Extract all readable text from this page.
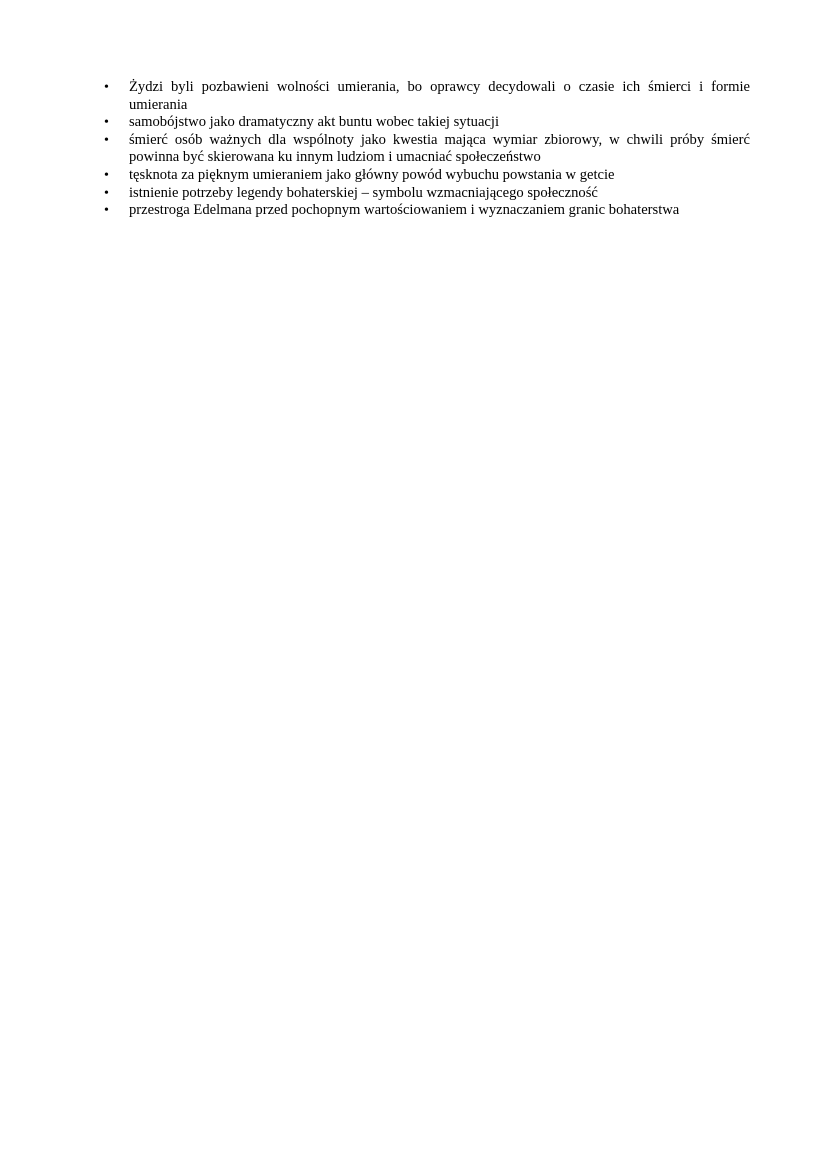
• Żydzi byli pozbawieni wolności umierania, bo oprawcy decydowali o czasie ich śmierci i formie umierania
• samobójstwo jako dramatyczny akt buntu wobec takiej sytuacji
• śmierć osób ważnych dla wspólnoty jako kwestia mająca wymiar zbiorowy, w chwili próby śmierć powinna być skierowana ku innym ludziom i umacniać społeczeństwo
• tęsknota za pięknym umieraniem jako główny powód wybuchu powstania w getcie
• istnienie potrzeby legendy bohaterskiej – symbolu wzmacniającego społeczność
• przestroga Edelmana przed pochopnym wartościowaniem i wyznaczaniem granic bohaterstwa
